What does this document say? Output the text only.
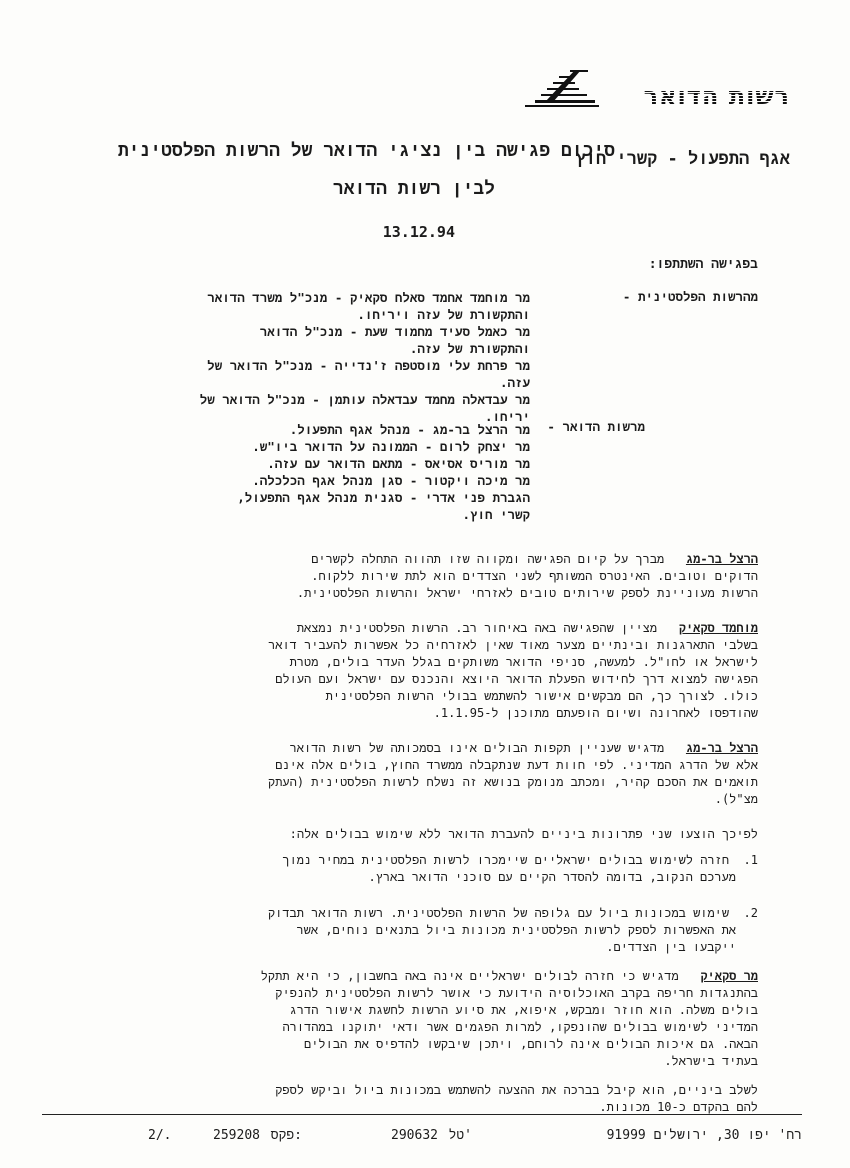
רשות הדואר
סיכום פגישה בין נציגי הדואר של הרשות הפלסטינית
אגף התפעול - קשרי חוץ
לבין רשות הדואר
13.12.94
בפגישה השתתפו:
מהרשות הפלסטינית -
מר מוחמד אחמד סאלח סקאיק - מנכ"ל משרד הדואר
והתקשורת של עזה ויריחו.
מר כאמל סעיד מחמוד שעת - מנכ"ל הדואר
והתקשורת של עזה.
מר פרחת עלי מוסטפה ז'נדייה - מנכ"ל הדואר של
עזה.
מר עבדאלה מחמד עבדאלה עותמן - מנכ"ל הדואר של
יריחו.
מרשות הדואר -
מר הרצל בר-מג - מנהל אגף התפעול.
מר יצחק לרום - הממונה על הדואר ביו"ש.
מר מוריס אסיאס - מתאם הדואר עם עזה.
מר מיכה ויקטור - סגן מנהל אגף הכלכלה.
הגברת פני אדרי - סגנית מנהל אגף התפעול,
קשרי חוץ.
הרצל בר-מג   מברך על קיום הפגישה ומקווה שזו תהווה התחלה לקשרים
הדוקים וטובים. האינטרס המשותף לשני הצדדים הוא לתת שירות ללקוח.
הרשות מעוניינת לספק שירותים טובים לאזרחי ישראל והרשות הפלסטינית.
מוחמד סקאיק   מציין שהפגישה באה באיחור רב. הרשות הפלסטינית נמצאת
בשלבי התארגנות ובינתיים מצער מאוד שאין לאזרחיה כל אפשרות להעביר דואר
לישראל או לחו"ל. למעשה, סניפי הדואר משותקים בגלל העדר בולים, מטרת
הפגישה למצוא דרך לחידוש הפעלת הדואר היוצא והנכנס עם ישראל ועם העולם
כולו. לצורך כך, הם מבקשים אישור להשתמש בבולי הרשות הפלסטינית
שהודפסו לאחרונה ושיום הופעתם מתוכנן ל-1.1.95.
הרצל בר-מג   מדגיש שעניין תקפות הבולים אינו בסמכותה של רשות הדואר
אלא של הדרג המדיני. לפי חוות דעת שנתקבלה ממשרד החוץ, בולים אלה אינם
תואמים את הסכם קהיר, ומכתב מנומק בנושא זה נשלח לרשות הפלסטינית (העתק
מצ"ל).
לפיכך הוצעו שני פתרונות ביניים להעברת הדואר ללא שימוש בבולים אלה:
1.  חזרה לשימוש בבולים ישראליים שיימכרו לרשות הפלסטינית במחיר נמוך
מערכם הנקוב, בדומה להסדר הקיים עם סוכני הדואר בארץ.
2.  שימוש במכונות ביול עם גלופה של הרשות הפלסטינית. רשות הדואר תבדוק
את האפשרות לספק לרשות הפלסטינית מכונות ביול בתנאים נוחים, אשר
ייקבעו בין הצדדים.
מר סקאיק   מדגיש כי חזרה לבולים ישראליים אינה באה בחשבון, כי היא תתקל
בהתנגדות חריפה בקרב האוכלוסיה הידועת כי אושר לרשות הפלסטינית להנפיק
בולים משלה. הוא חוזר ומבקש, איפוא, את סיוע הרשות לחשגת אישור הדרג
המדיני לשימוש בבולים שהונפקו, למרות הפגמים אשר ודאי יתוקנו במהדורה
הבאה. גם איכות הבולים אינה לרוחם, ויתכן שיבקשו להדפיס את הבולים
בעתיד בישראל.
לשלב ביניים, הוא קיבל בברכה את ההצעה להשתמש במכונות ביול וביקש לספק
להם בהקדם כ-10 מכונות.
רח' יפו 30, ירושלים 91999
טל'
290632
פקס:
259208
2/.
